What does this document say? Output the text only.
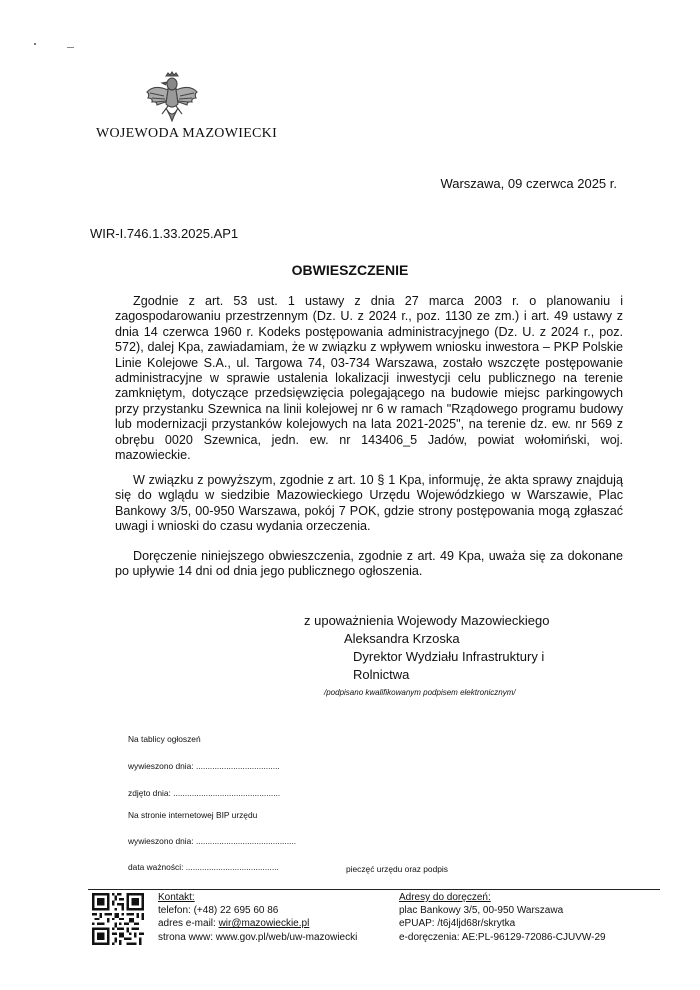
WOJEWODA MAZOWIECKI
Warszawa, 09 czerwca 2025 r.
WIR-I.746.1.33.2025.AP1
OBWIESZCZENIE
Zgodnie z art. 53 ust. 1 ustawy z dnia 27 marca 2003 r. o planowaniu i zagospodarowaniu przestrzennym (Dz. U. z 2024 r., poz. 1130 ze zm.) i art. 49 ustawy z dnia 14 czerwca 1960 r. Kodeks postępowania administracyjnego (Dz. U. z 2024 r., poz. 572), dalej Kpa, zawiadamiam, że w związku z wpływem wniosku inwestora – PKP Polskie Linie Kolejowe S.A., ul. Targowa 74, 03-734 Warszawa, zostało wszczęte postępowanie administracyjne w sprawie ustalenia lokalizacji inwestycji celu publicznego na terenie zamkniętym, dotyczące przedsięwzięcia polegającego na budowie miejsc parkingowych przy przystanku Szewnica na linii kolejowej nr 6 w ramach "Rządowego programu budowy lub modernizacji przystanków kolejowych na lata 2021-2025", na terenie dz. ew. nr 569 z obrębu 0020 Szewnica, jedn. ew. nr 143406_5 Jadów, powiat wołomiński, woj. mazowieckie.
W związku z powyższym, zgodnie z art. 10 § 1 Kpa, informuję, że akta sprawy znajdują się do wglądu w siedzibie Mazowieckiego Urzędu Wojewódzkiego w Warszawie, Plac Bankowy 3/5, 00-950 Warszawa, pokój 7 POK, gdzie strony postępowania mogą zgłaszać uwagi i wnioski do czasu wydania orzeczenia.
Doręczenie niniejszego obwieszczenia, zgodnie z art. 49 Kpa, uważa się za dokonane po upływie 14 dni od dnia jego publicznego ogłoszenia.
z upoważnienia Wojewody Mazowieckiego
Aleksandra Krzoska
Dyrektor Wydziału Infrastruktury i
Rolnictwa
/podpisano kwalifikowanym podpisem elektronicznym/
Na tablicy ogłoszeń
wywieszono dnia: ....................................
zdjęto dnia: ..............................................
Na stronie internetowej BIP urzędu
wywieszono dnia: ...........................................
data ważności: ........................................	pieczęć urzędu oraz podpis
Kontakt:
telefon: (+48) 22 695 60 86
adres e-mail: wir@mazowieckie.pl
strona www: www.gov.pl/web/uw-mazowiecki
Adresy do doręczeń:
plac Bankowy 3/5, 00-950 Warszawa
ePUAP: /t6j4ljd68r/skrytka
e-doręczenia: AE:PL-96129-72086-CJUVW-29
